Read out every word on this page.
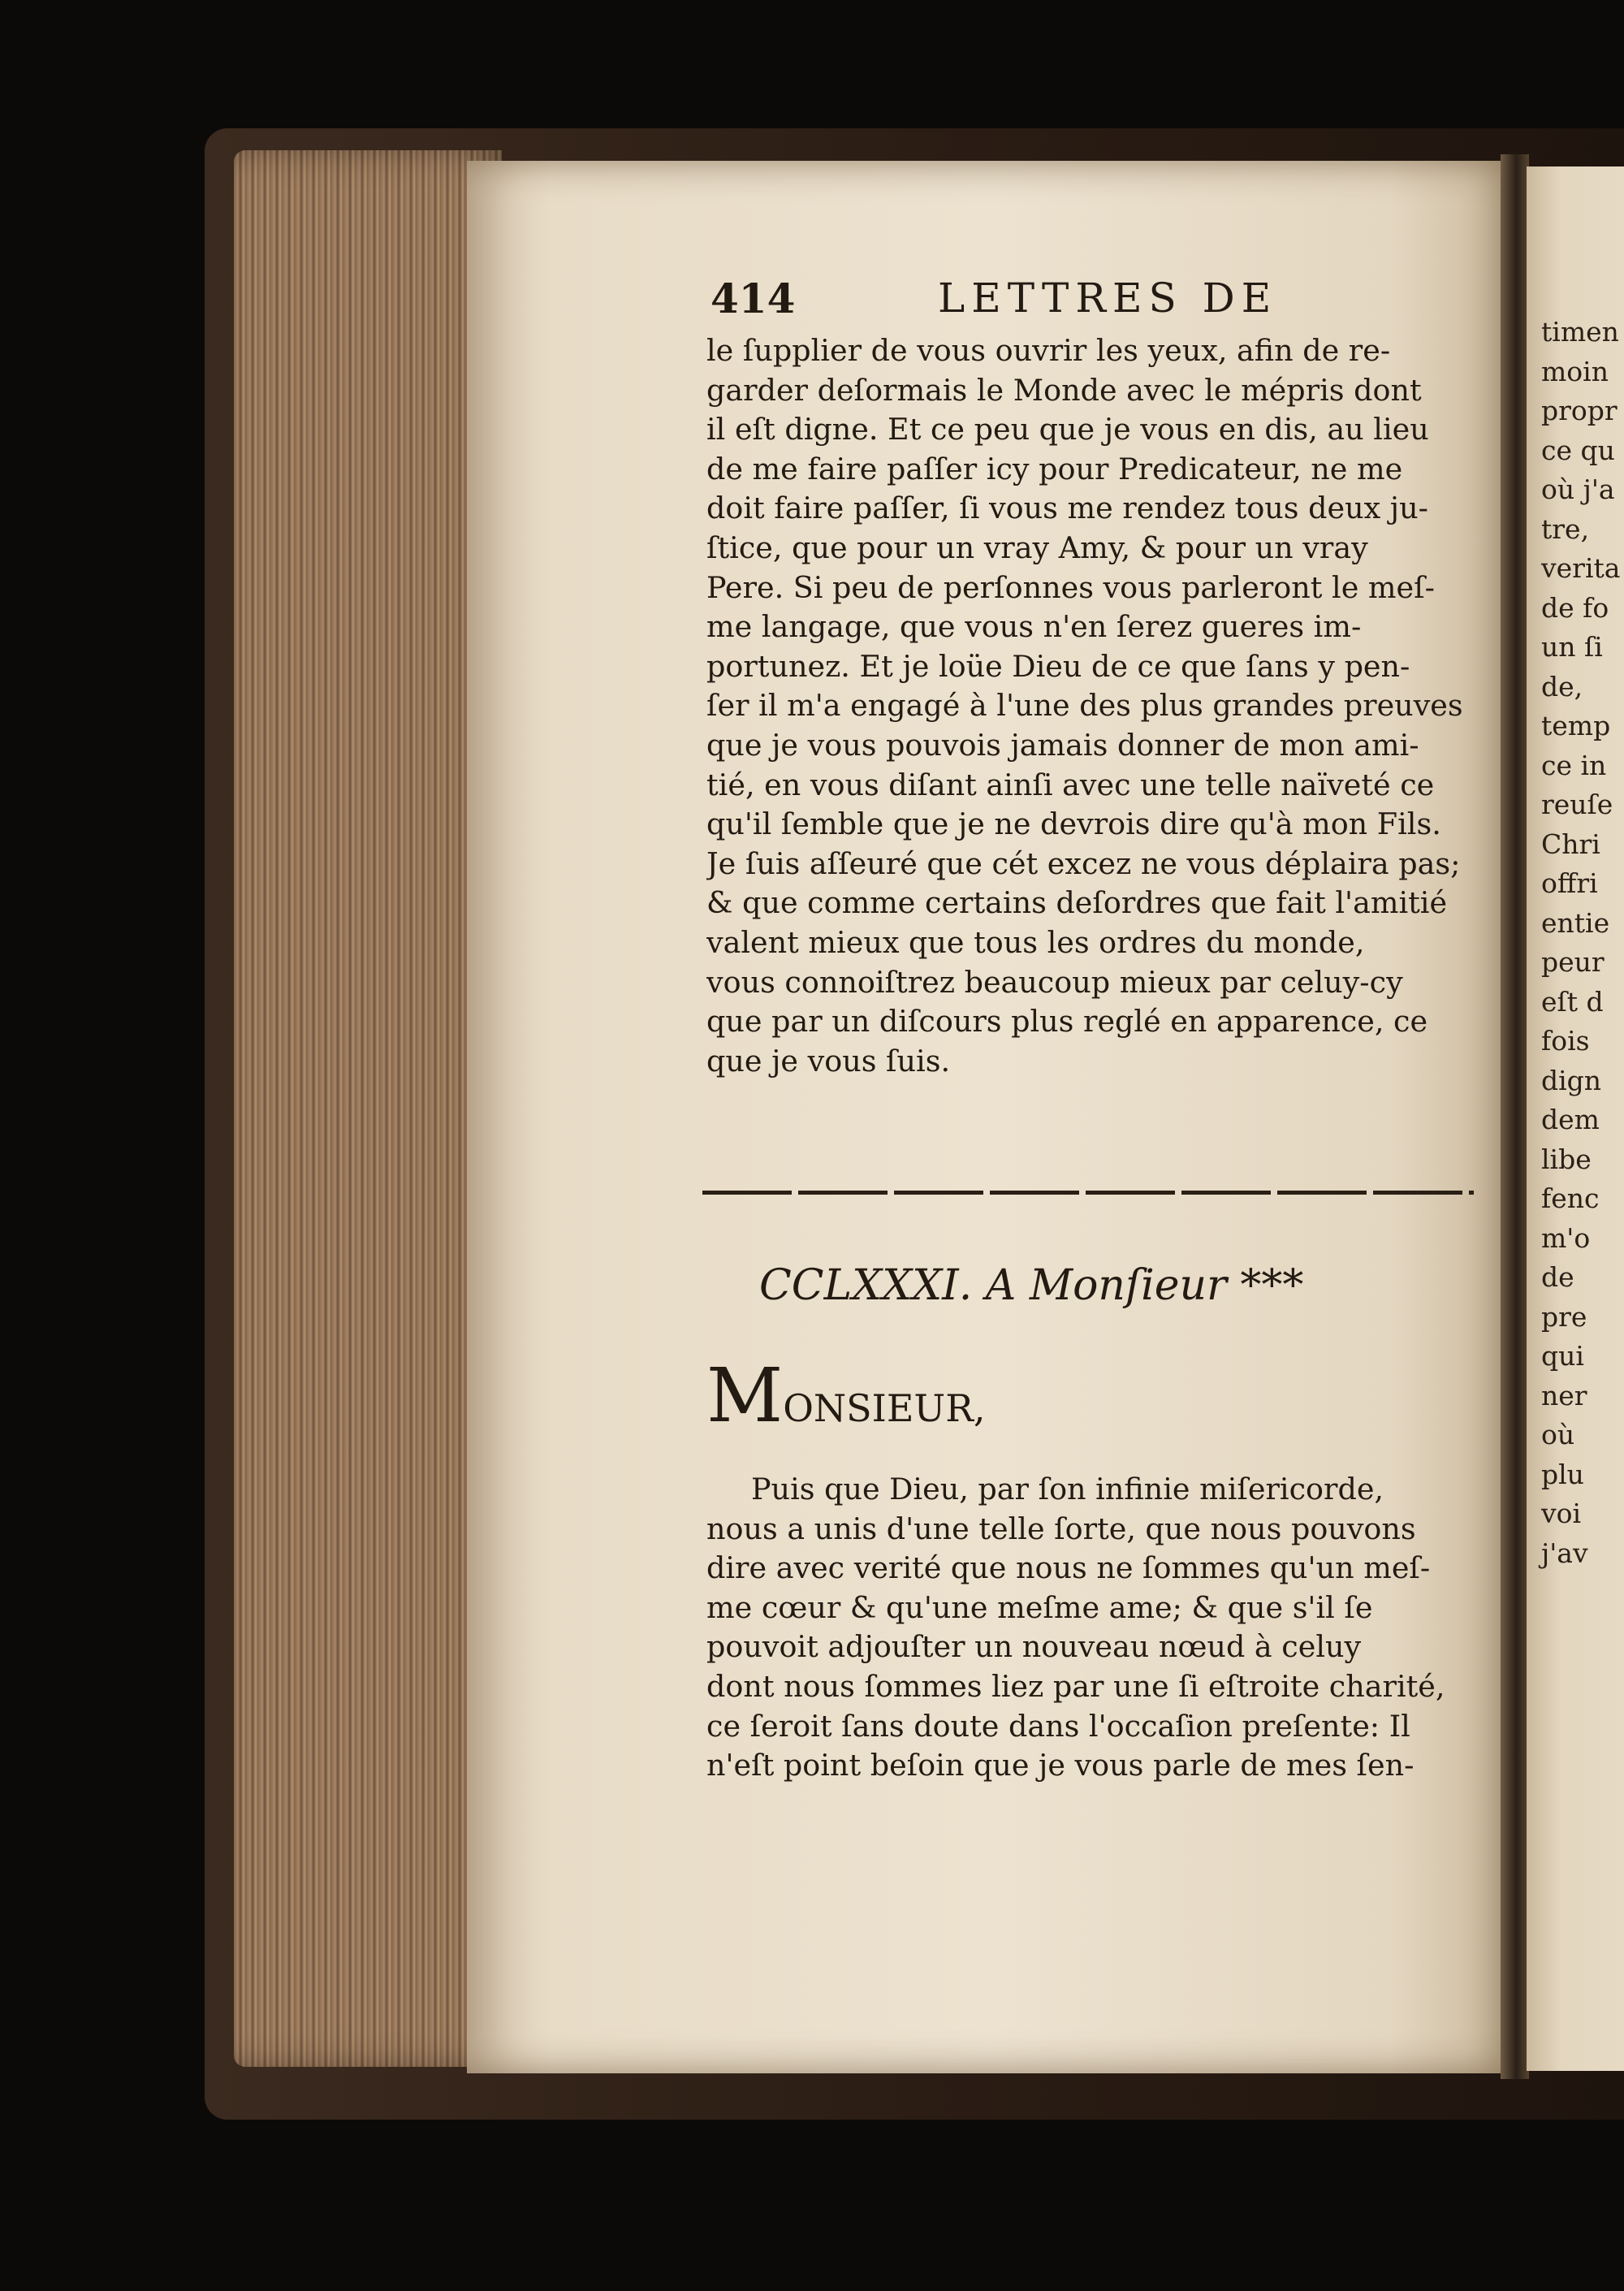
414	LETTRES DE
le ſupplier de vous ouvrir les yeux, afin de re-
garder deſormais le Monde avec le mépris dont
il eſt digne. Et ce peu que je vous en dis, au lieu
de me faire paſſer icy pour Predicateur, ne me
doit faire paſſer, ſi vous me rendez tous deux ju-
ſtice, que pour un vray Amy, & pour un vray
Pere. Si peu de perſonnes vous parleront le meſ-
me langage, que vous n'en ſerez gueres im-
portunez. Et je loüe Dieu de ce que ſans y pen-
ſer il m'a engagé à l'une des plus grandes preuves
que je vous pouvois jamais donner de mon ami-
tié, en vous diſant ainſi avec une telle naïveté ce
qu'il ſemble que je ne devrois dire qu'à mon Fils.
Je ſuis aſſeuré que cét excez ne vous déplaira pas;
& que comme certains deſordres que fait l'amitié
valent mieux que tous les ordres du monde,
vous connoiſtrez beaucoup mieux par celuy-cy
que par un diſcours plus reglé en apparence, ce
que je vous ſuis.
CCLXXXI. A Monſieur ***
MONSIEUR,
Puis que Dieu, par ſon infinie miſericorde,
nous a unis d'une telle ſorte, que nous pouvons
dire avec verité que nous ne ſommes qu'un meſ-
me cœur & qu'une meſme ame; & que s'il ſe
pouvoit adjouſter un nouveau nœud à celuy
dont nous ſommes liez par une ſi eſtroite charité,
ce ſeroit ſans doute dans l'occaſion preſente: Il
n'eſt point beſoin que je vous parle de mes ſen-
timen
moin
propr
ce qu
où j'a
tre,
verita
de fo
un ſi
de,
temp
ce in
reuſe
Chri
offri
entie
peur
eſt d
fois
dign
dem
libe
fenc
m'o
de
pre
qui
ner
où
plu
voi
j'av
